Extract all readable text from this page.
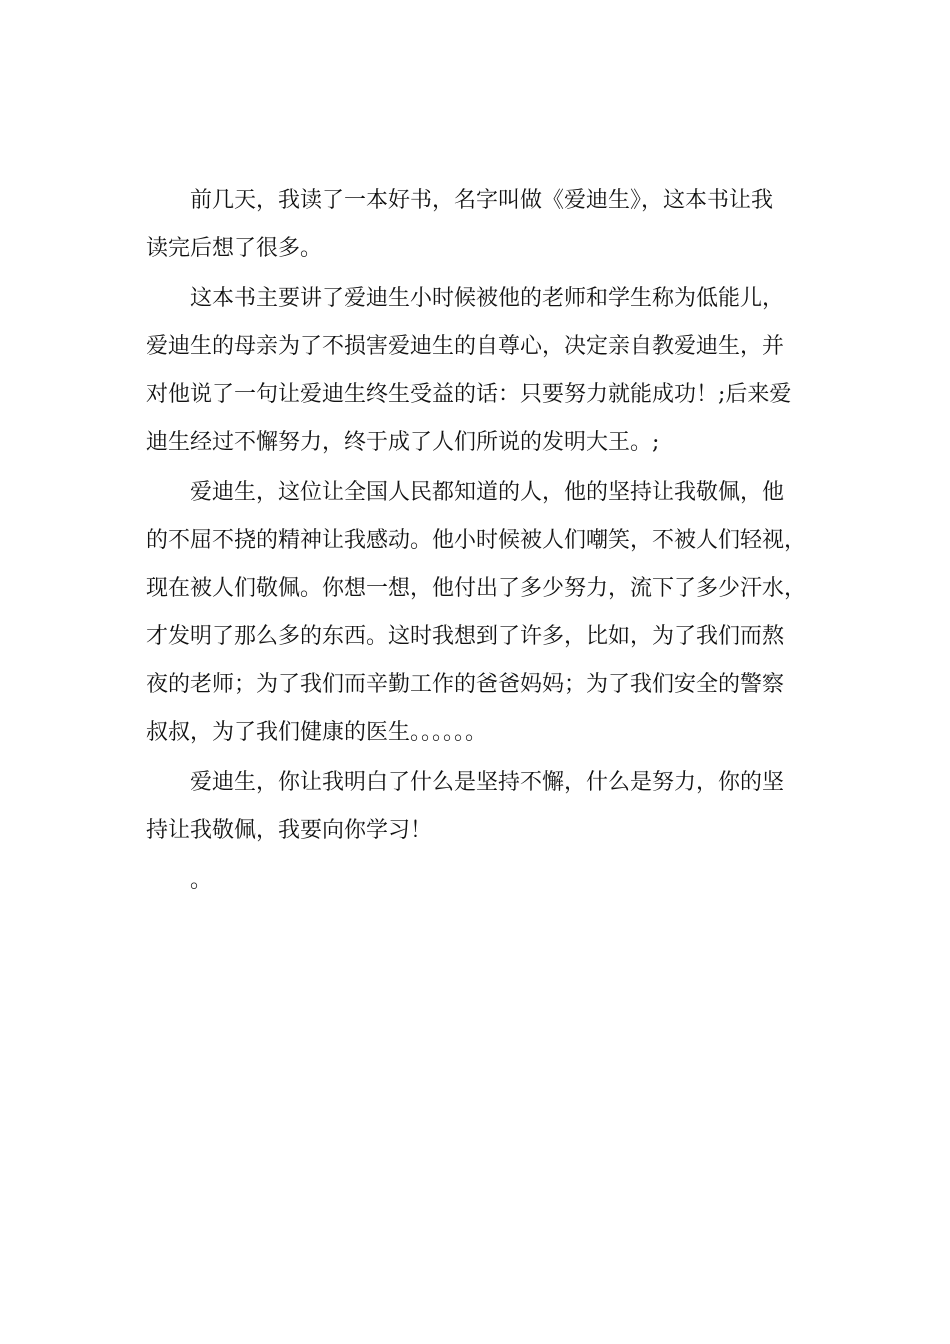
前几天，我读了一本好书，名字叫做《爱迪生》，这本书让我
读完后想了很多。

这本书主要讲了爱迪生小时候被他的老师和学生称为低能儿，
爱迪生的母亲为了不损害爱迪生的自尊心，决定亲自教爱迪生，并
对他说了一句让爱迪生终生受益的话：只要努力就能成功！;后来爱
迪生经过不懈努力，终于成了人们所说的发明大王。;

爱迪生，这位让全国人民都知道的人，他的坚持让我敬佩，他
的不屈不挠的精神让我感动。他小时候被人们嘲笑，不被人们轻视，
现在被人们敬佩。你想一想，他付出了多少努力，流下了多少汗水，
才发明了那么多的东西。这时我想到了许多，比如，为了我们而熬
夜的老师；为了我们而辛勤工作的爸爸妈妈；为了我们安全的警察
叔叔，为了我们健康的医生。。。。。。

爱迪生，你让我明白了什么是坚持不懈，什么是努力，你的坚
持让我敬佩，我要向你学习！

。
